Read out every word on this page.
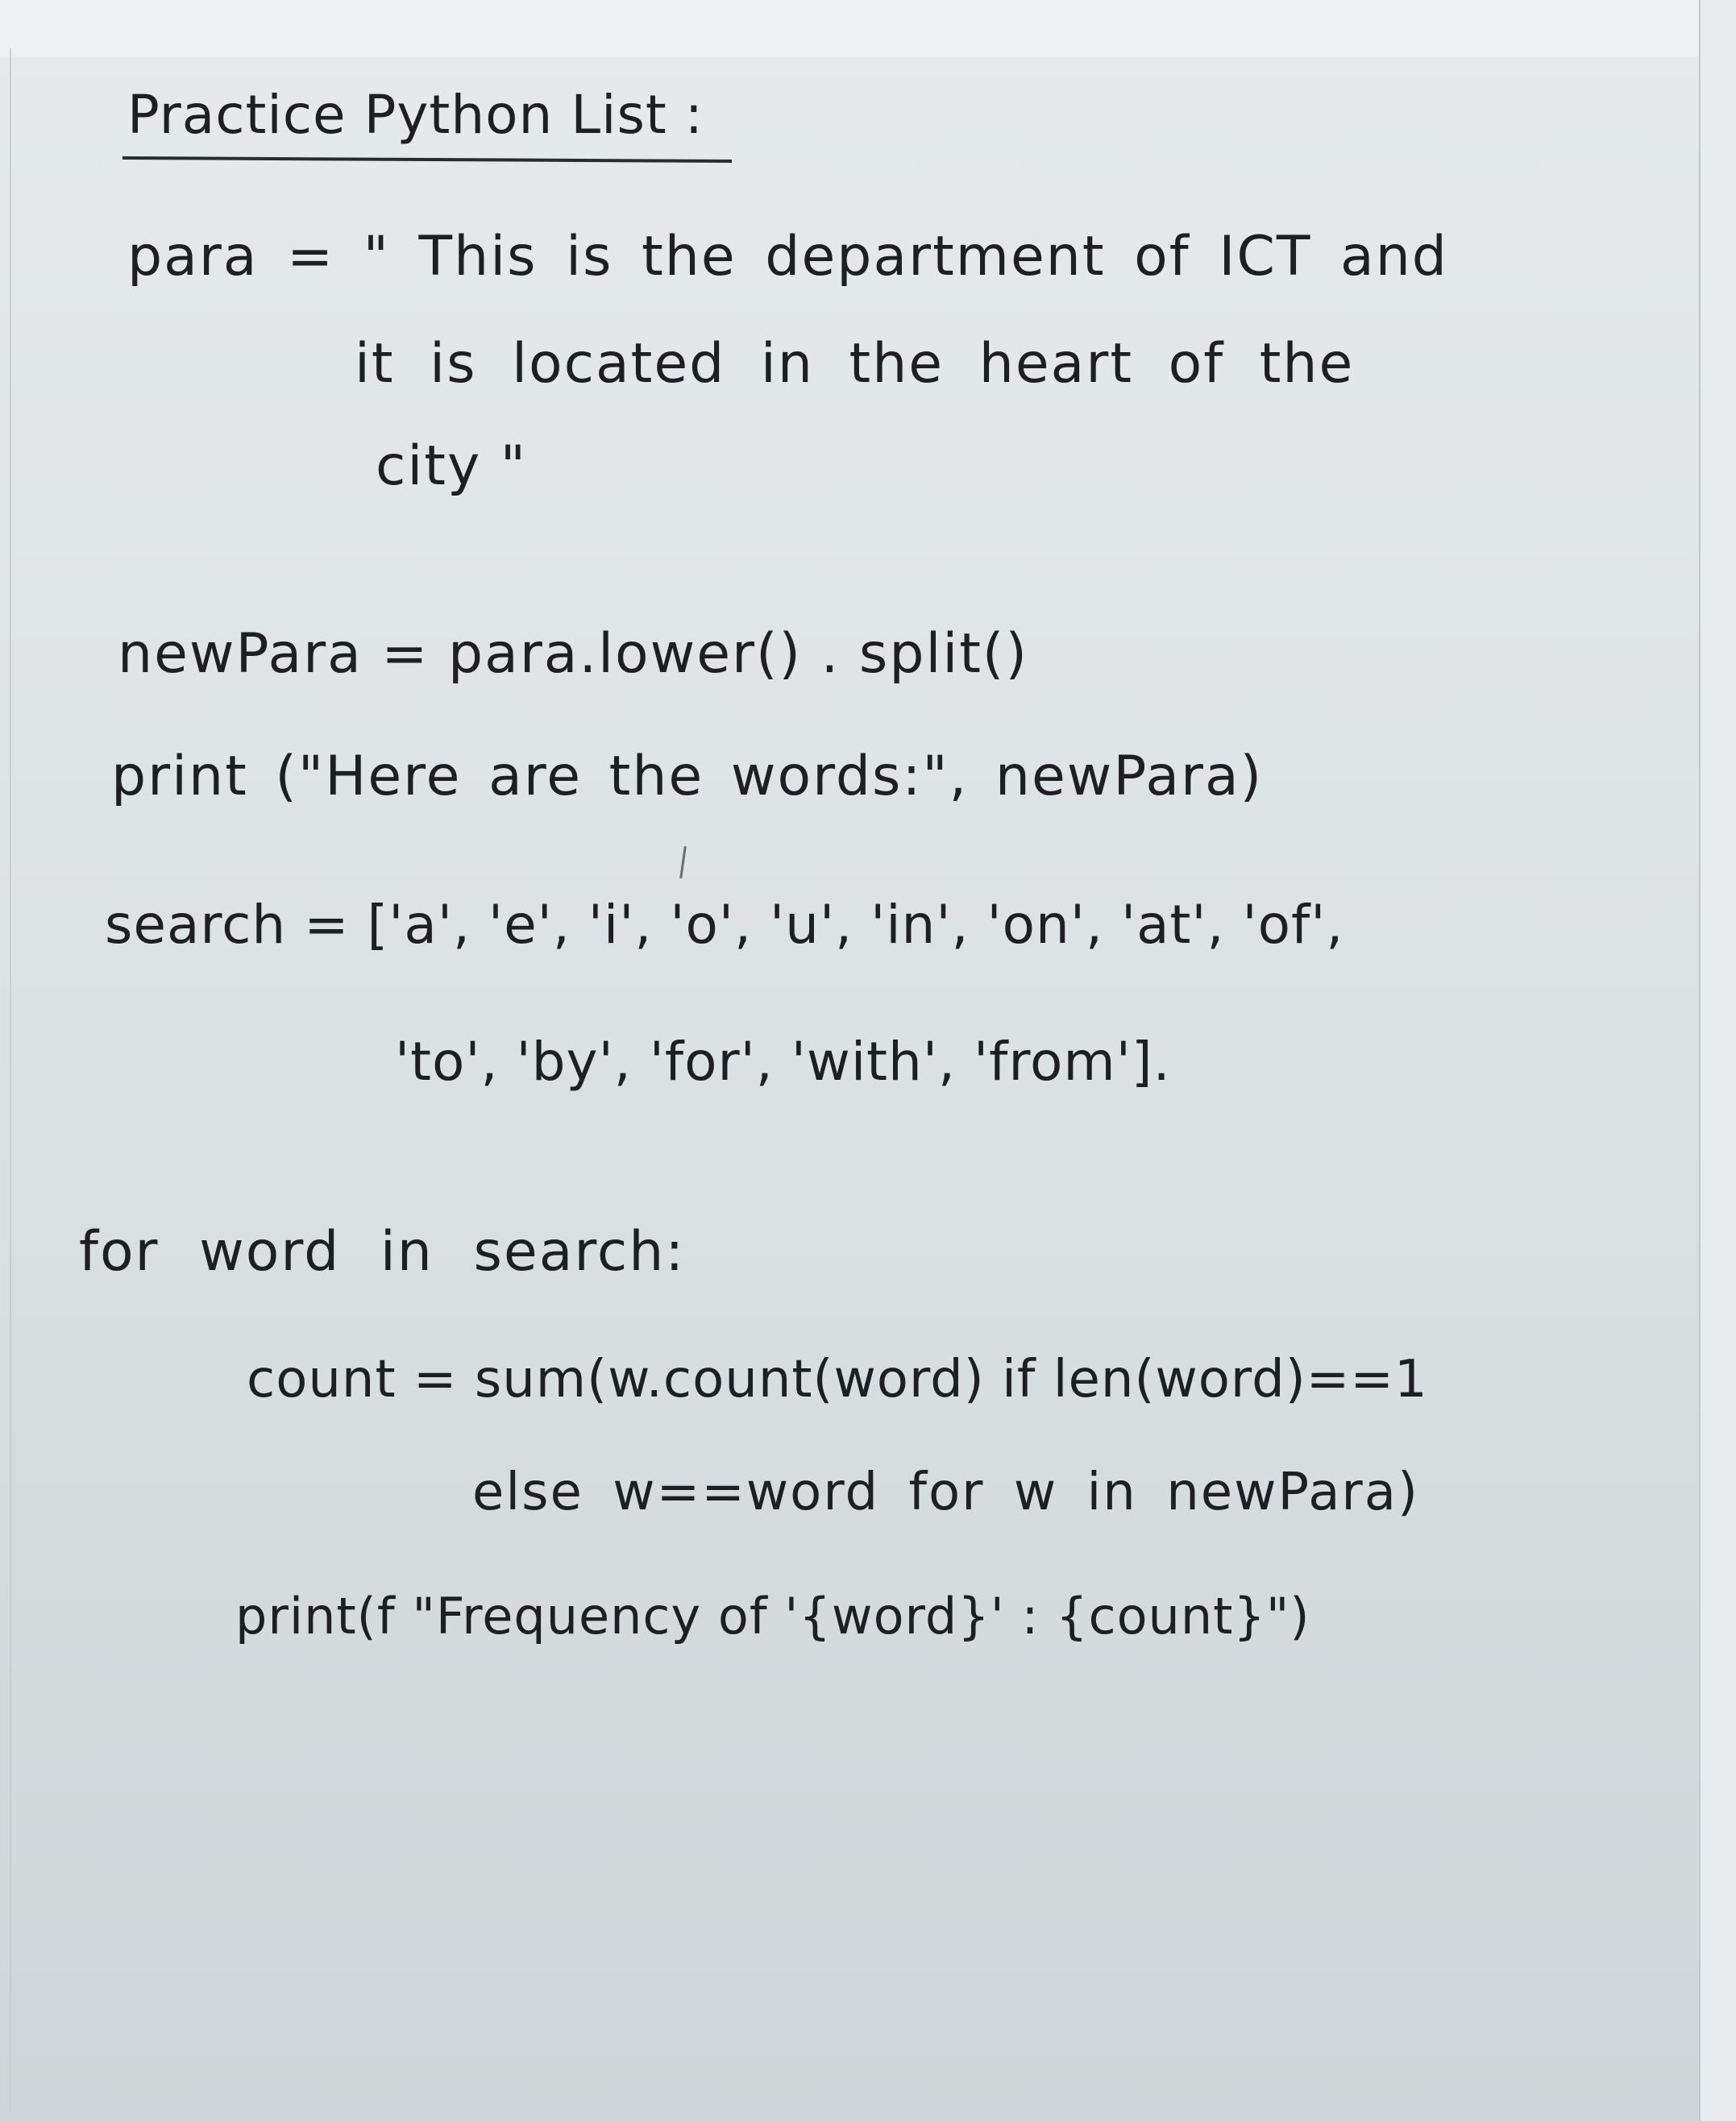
Practice Python List :
para = " This is the department of ICT and
it is located in the heart of the
city "
newPara = para.lower() . split()
print ("Here are the words:", newPara)
search = ['a', 'e', 'i', 'o', 'u', 'in', 'on', 'at', 'of',
'to', 'by', 'for', 'with', 'from'].
for word in search:
count = sum(w.count(word) if len(word)==1
else w==word for w in newPara)
print(f "Frequency of '{word}' : {count}")
